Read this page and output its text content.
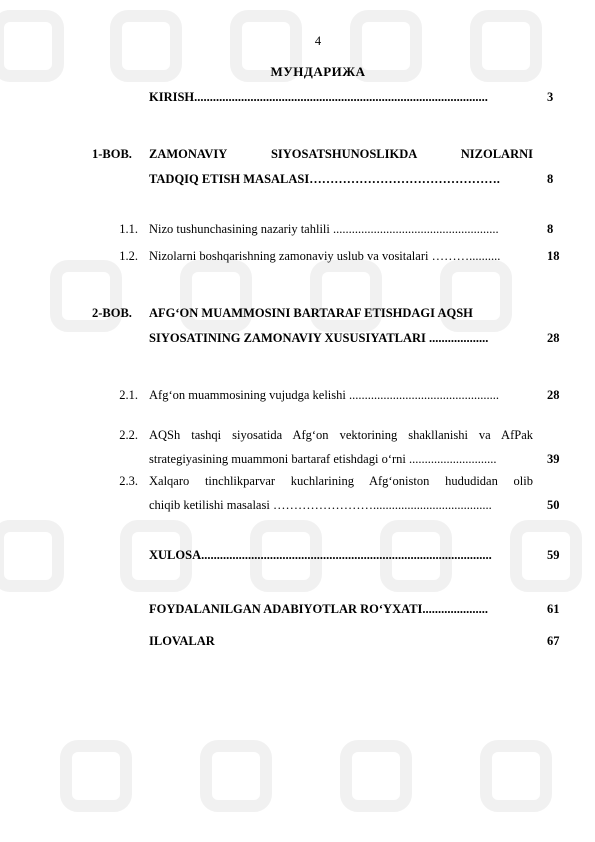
4
МУНДАРИЖА
KIRISH..............................................................................................	3
1-BOB.	ZAMONAVIY SIYOSATSHUNOSLIKDA NIZOLARNI
TADQIQ ETISH MASALASI……………………………………….	8
1.1. Nizo tushunchasining nazariy tahlili .....................................................	8
1.2. Nizolarni boshqarishning zamonaviy uslub va vositalari ………..........	18
2-BOB.	AFG‘ON MUAMMOSINI BARTARAF ETISHDAGI AQSH
SIYOSATINING ZAMONAVIY XUSUSIYATLARI ...................	28
2.1. Afg‘on muammosining vujudga kelishi ................................................	28
2.2. AQSh tashqi siyosatida Afg‘on vektorining shakllanishi va AfPak
strategiyasining muammoni bartaraf etishdagi o‘rni ............................	39
2.3. Xalqaro tinchlikparvar kuchlarining Afg‘oniston hududidan olib
chiqib ketilishi masalasi ……………………......................................	50
XULOSA.............................................................................................	59
FOYDALANILGAN ADABIYOTLAR RO‘YXATI.....................	61
ILOVALAR	67
